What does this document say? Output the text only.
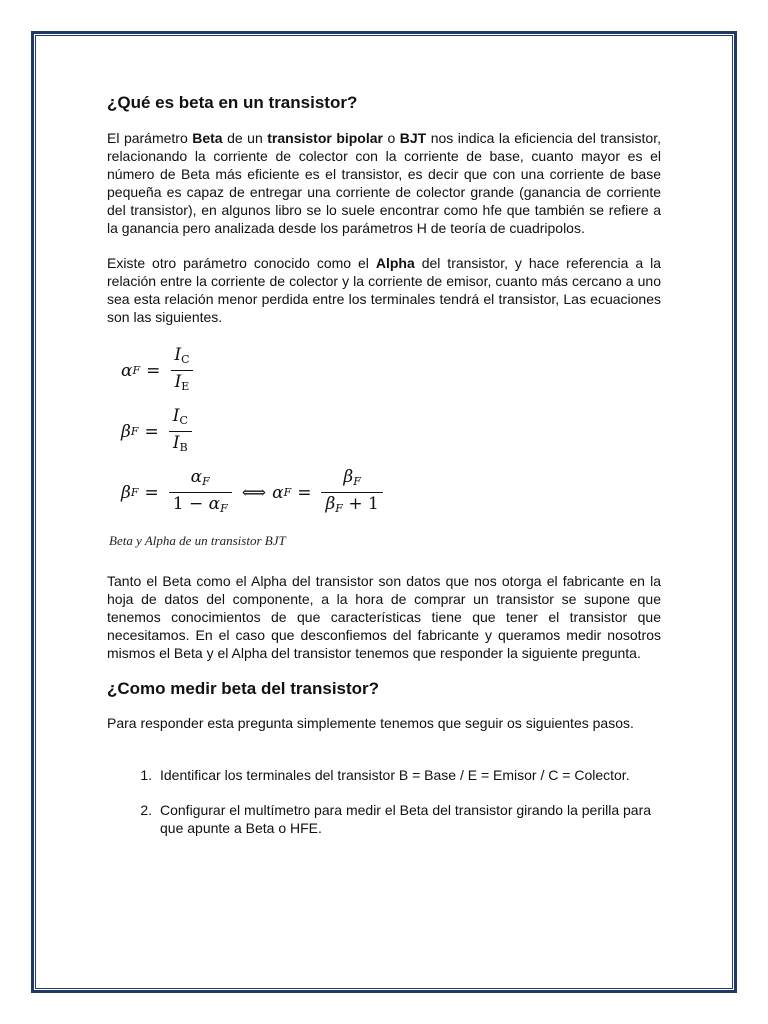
¿Qué es beta en un transistor?

El parámetro Beta de un transistor bipolar o BJT nos indica la eficiencia del transistor, relacionando la corriente de colector con la corriente de base, cuanto mayor es el número de Beta más eficiente es el transistor, es decir que con una corriente de base pequeña es capaz de entregar una corriente de colector grande (ganancia de corriente del transistor), en algunos libro se lo suele encontrar como hfe que también se refiere a la ganancia pero analizada desde los parámetros H de teoría de cuadripolos.

Existe otro parámetro conocido como el Alpha del transistor, y hace referencia a la relación entre la corriente de colector y la corriente de emisor, cuanto más cercano a uno sea esta relación menor perdida entre los terminales tendrá el transistor, Las ecuaciones son las siguientes.

α $F = \frac{IC}{IE}$
β $F = \frac{IC}{IB}$
β $F = \frac{\alpha_F}{1 - \alpha_F}$ ⟺ α $F = \frac{\beta_F}{\beta_F + 1}$
Beta y Alpha de un transistor BJT

Tanto el Beta como el Alpha del transistor son datos que nos otorga el fabricante en la hoja de datos del componente, a la hora de comprar un transistor se supone que tenemos conocimientos de que características tiene que tener el transistor que necesitamos. En el caso que desconfiemos del fabricante y queramos medir nosotros mismos el Beta y el Alpha del transistor tenemos que responder la siguiente pregunta.

¿Como medir beta del transistor?

Para responder esta pregunta simplemente tenemos que seguir os siguientes pasos.

1. Identificar los terminales del transistor B = Base / E = Emisor / C = Colector.
2. Configurar el multímetro para medir el Beta del transistor girando la perilla para que apunte a Beta o HFE.
